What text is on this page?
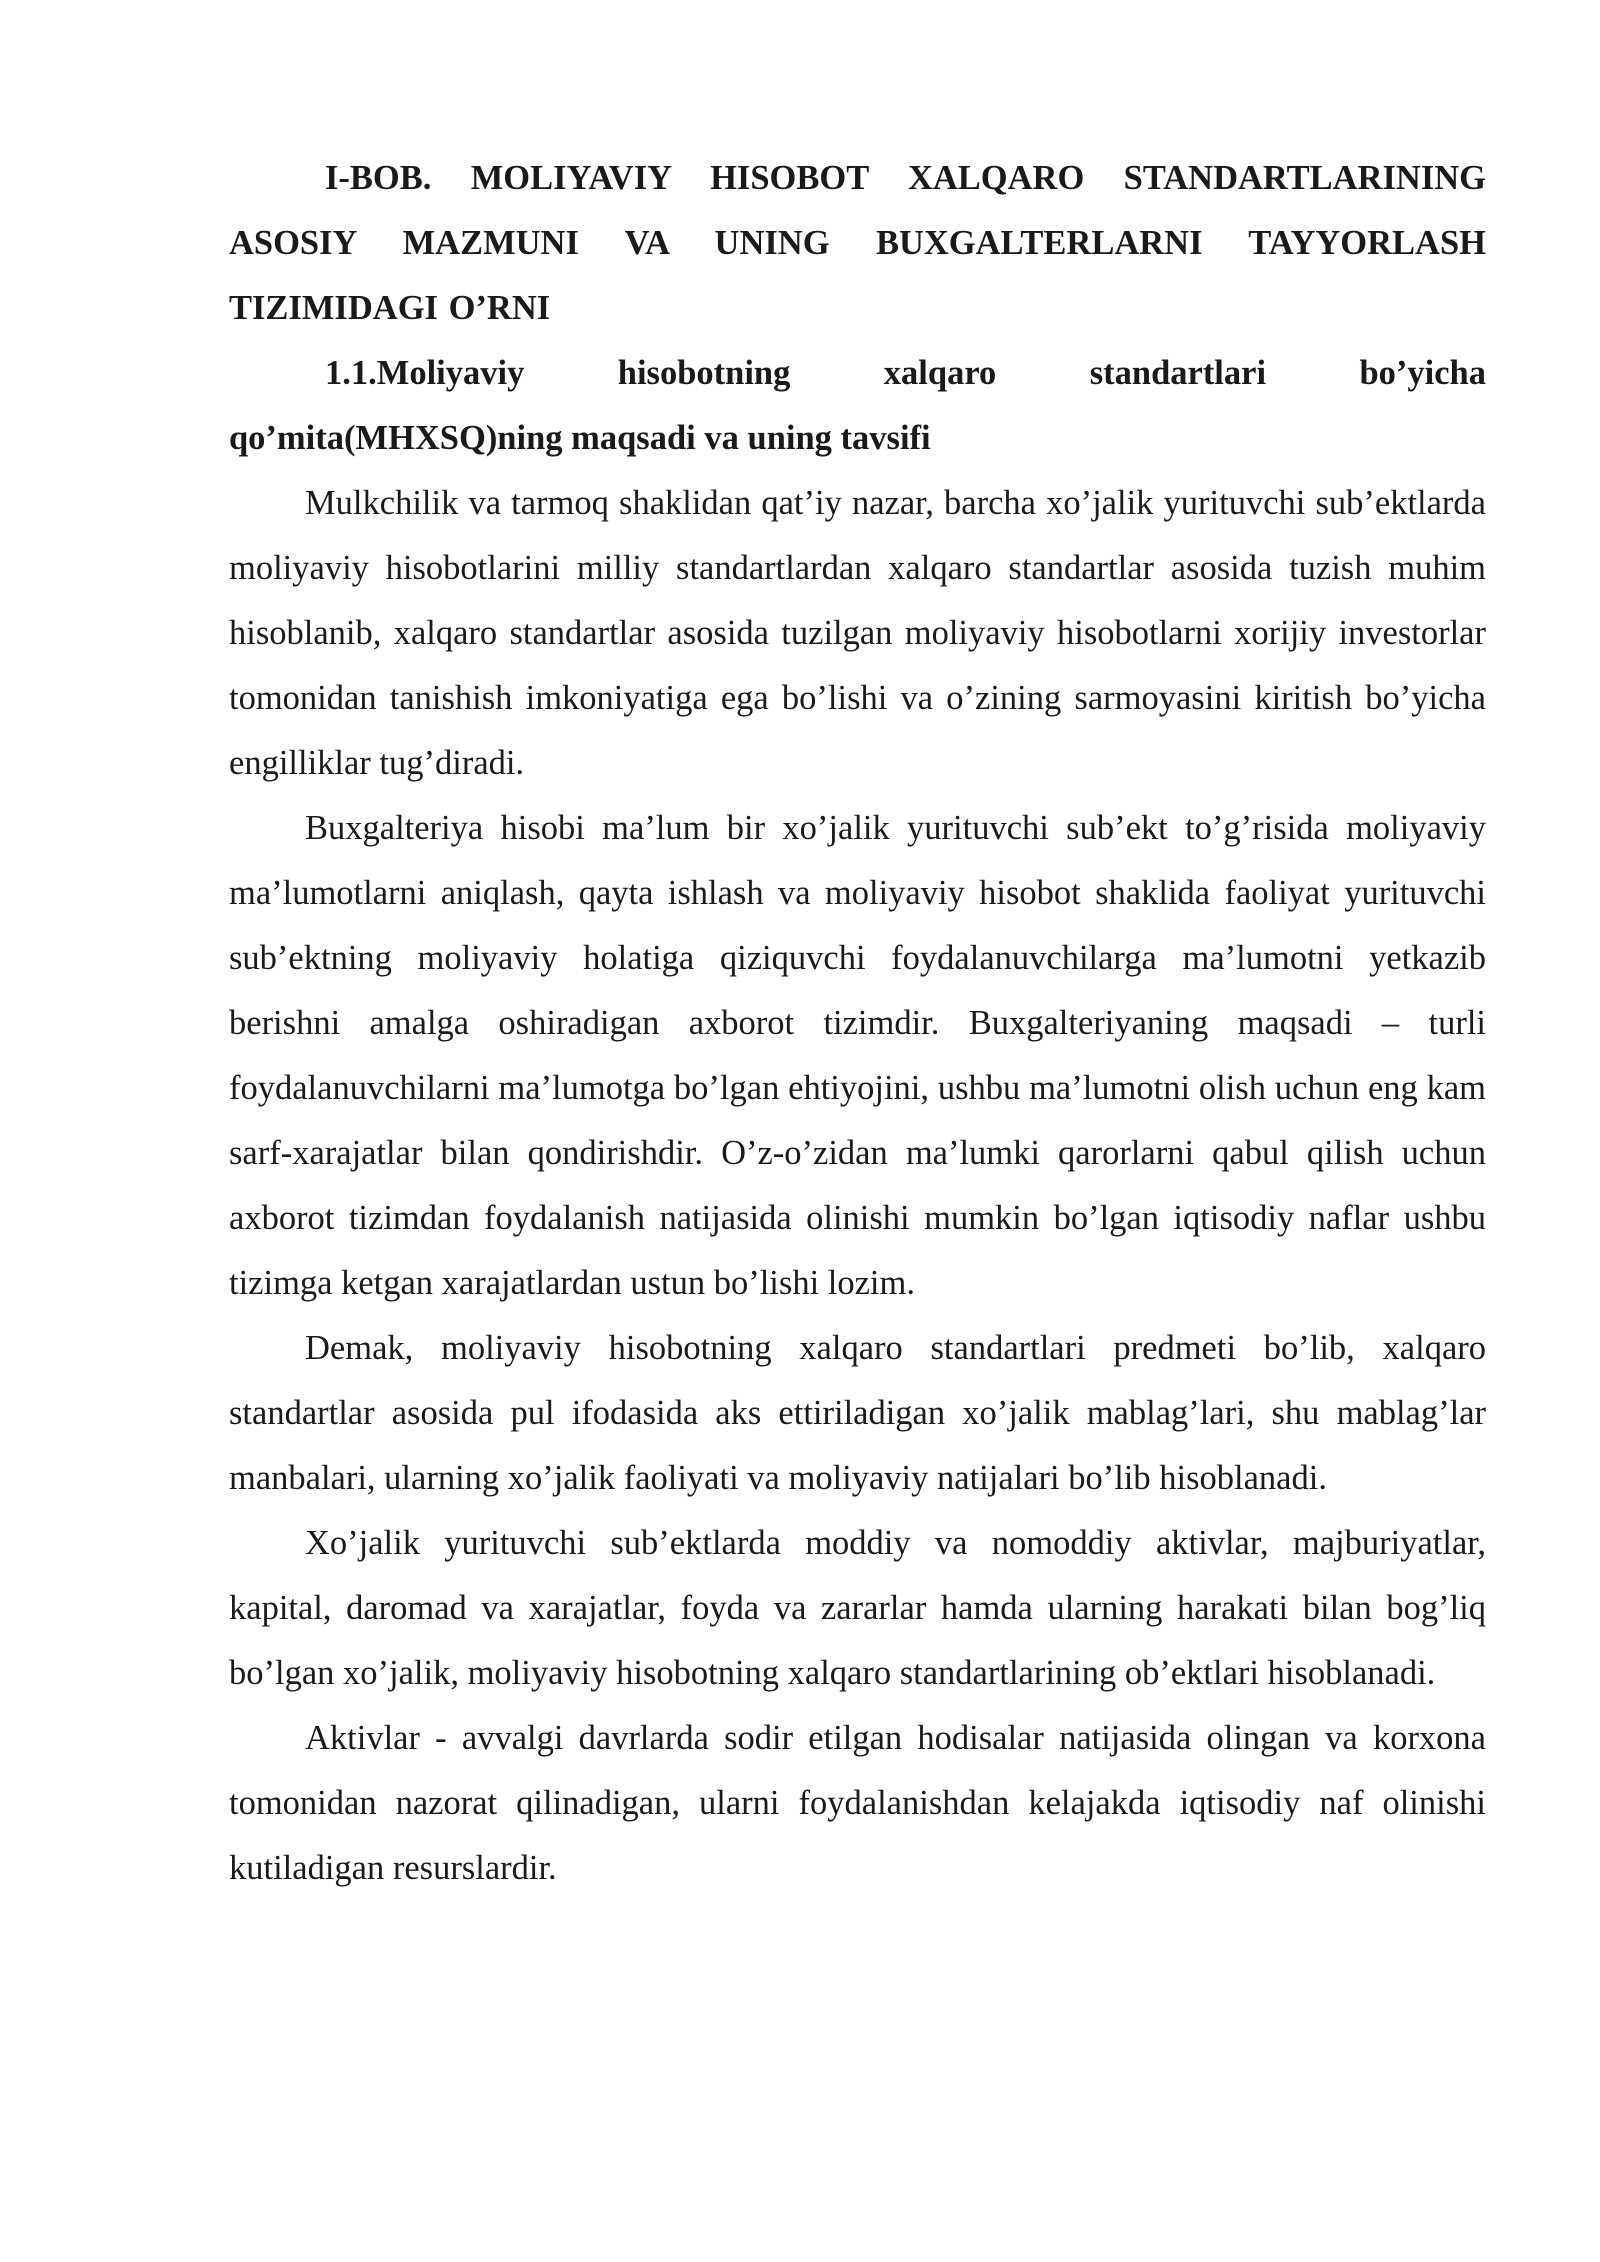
I-BOB. MOLIYAVIY HISOBOT XALQARO STANDARTLARINING ASOSIY MAZMUNI VA UNING BUXGALTERLARNI TAYYORLASH TIZIMIDAGI O’RNI
1.1.Moliyaviy hisobotning xalqaro standartlari bo’yicha qo’mita(MHXSQ)ning maqsadi va uning tavsifi

Mulkchilik va tarmoq shaklidan qat’iy nazar, barcha xo’jalik yurituvchi sub’ektlarda moliyaviy hisobotlarini milliy standartlardan xalqaro standartlar asosida tuzish muhim hisoblanib, xalqaro standartlar asosida tuzilgan moliyaviy hisobotlarni xorijiy investorlar tomonidan tanishish imkoniyatiga ega bo’lishi va o’zining sarmoyasini kiritish bo’yicha engilliklar tug’diradi.

Buxgalteriya hisobi ma’lum bir xo’jalik yurituvchi sub’ekt to’g’risida moliyaviy ma’lumotlarni aniqlash, qayta ishlash va moliyaviy hisobot shaklida faoliyat yurituvchi sub’ektning moliyaviy holatiga qiziquvchi foydalanuvchilarga ma’lumotni yetkazib berishni amalga oshiradigan axborot tizimdir. Buxgalteriyaning maqsadi – turli foydalanuvchilarni ma’lumotga bo’lgan ehtiyojini, ushbu ma’lumotni olish uchun eng kam sarf-xarajatlar bilan qondirishdir. O’z-o’zidan ma’lumki qarorlarni qabul qilish uchun axborot tizimdan foydalanish natijasida olinishi mumkin bo’lgan iqtisodiy naflar ushbu tizimga ketgan xarajatlardan ustun bo’lishi lozim.

Demak, moliyaviy hisobotning xalqaro standartlari predmeti bo’lib, xalqaro standartlar asosida pul ifodasida aks ettiriladigan xo’jalik mablag’lari, shu mablag’lar manbalari, ularning xo’jalik faoliyati va moliyaviy natijalari bo’lib hisoblanadi.

Xo’jalik yurituvchi sub’ektlarda moddiy va nomoddiy aktivlar, majburiyatlar, kapital, daromad va xarajatlar, foyda va zararlar hamda ularning harakati bilan bog’liq bo’lgan xo’jalik, moliyaviy hisobotning xalqaro standartlarining ob’ektlari hisoblanadi.

Aktivlar - avvalgi davrlarda sodir etilgan hodisalar natijasida olingan va korxona tomonidan nazorat qilinadigan, ularni foydalanishdan kelajakda iqtisodiy naf olinishi kutiladigan resurslardir.
